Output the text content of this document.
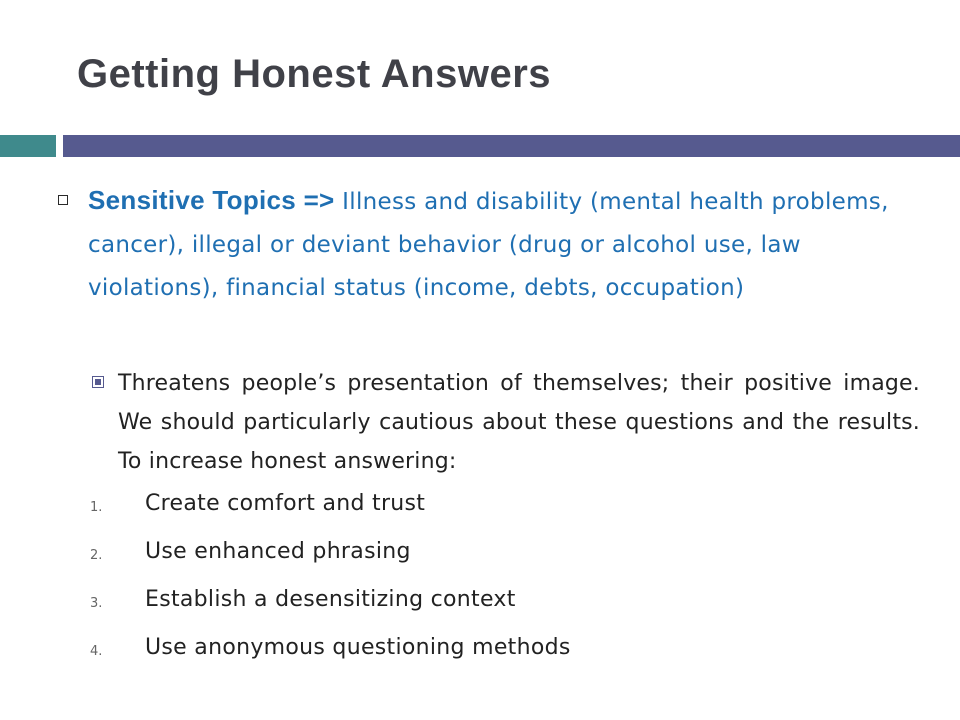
Getting Honest Answers
Sensitive Topics => Illness and disability (mental health problems, cancer), illegal or deviant behavior (drug or alcohol use, law violations), financial status (income, debts, occupation)
Threatens people’s presentation of themselves; their positive image. We should particularly cautious about these questions and the results. To increase honest answering:
1. Create comfort and trust
2. Use enhanced phrasing
3. Establish a desensitizing context
4. Use anonymous questioning methods
